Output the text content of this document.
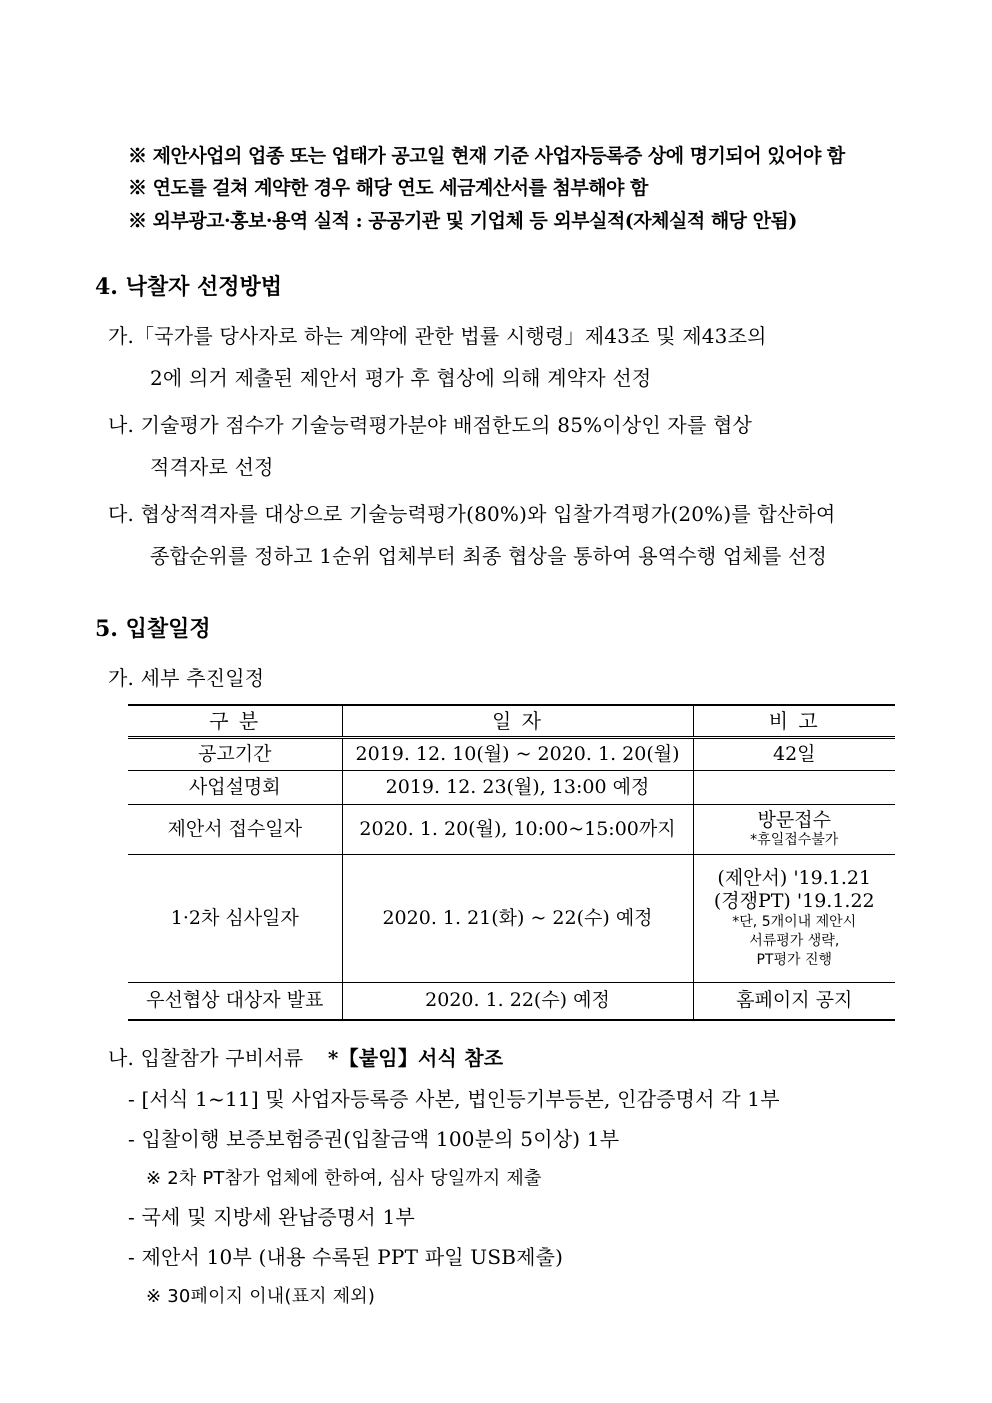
※ 제안사업의 업종 또는 업태가 공고일 현재 기준 사업자등록증 상에 명기되어 있어야 함
※ 연도를 걸쳐 계약한 경우 해당 연도 세금계산서를 첨부해야 함
※ 외부광고·홍보·용역 실적 : 공공기관 및 기업체 등 외부실적(자체실적 해당 안됨)
4. 낙찰자 선정방법
가.「국가를 당사자로 하는 계약에 관한 법률 시행령」제43조 및 제43조의
2에 의거 제출된 제안서 평가 후 협상에 의해 계약자 선정
나. 기술평가 점수가 기술능력평가분야 배점한도의 85%이상인 자를 협상
적격자로 선정
다. 협상적격자를 대상으로 기술능력평가(80%)와 입찰가격평가(20%)를 합산하여
종합순위를 정하고 1순위 업체부터 최종 협상을 통하여 용역수행 업체를 선정
5. 입찰일정
가. 세부 추진일정
구 분	일 자	비 고
공고기간	2019. 12. 10(월) ~ 2020. 1. 20(월)	42일
사업설명회	2019. 12. 23(월), 13:00 예정	
제안서 접수일자	2020. 1. 20(월), 10:00~15:00까지	방문접수
*휴일접수불가

1·2차 심사일자	2020. 1. 21(화) ~ 22(수) 예정	(제안서) '19.1.21
(경쟁PT) '19.1.22
*단, 5개이내 제안시
서류평가 생략,
PT평가 진행

우선협상 대상자 발표	2020. 1. 22(수) 예정	홈페이지 공지
나. 입찰참가 구비서류 *【붙임】서식 참조
- [서식 1~11] 및 사업자등록증 사본, 법인등기부등본, 인감증명서 각 1부
- 입찰이행 보증보험증권(입찰금액 100분의 5이상) 1부
※ 2차 PT참가 업체에 한하여, 심사 당일까지 제출
- 국세 및 지방세 완납증명서 1부
- 제안서 10부 (내용 수록된 PPT 파일 USB제출)
※ 30페이지 이내(표지 제외)
